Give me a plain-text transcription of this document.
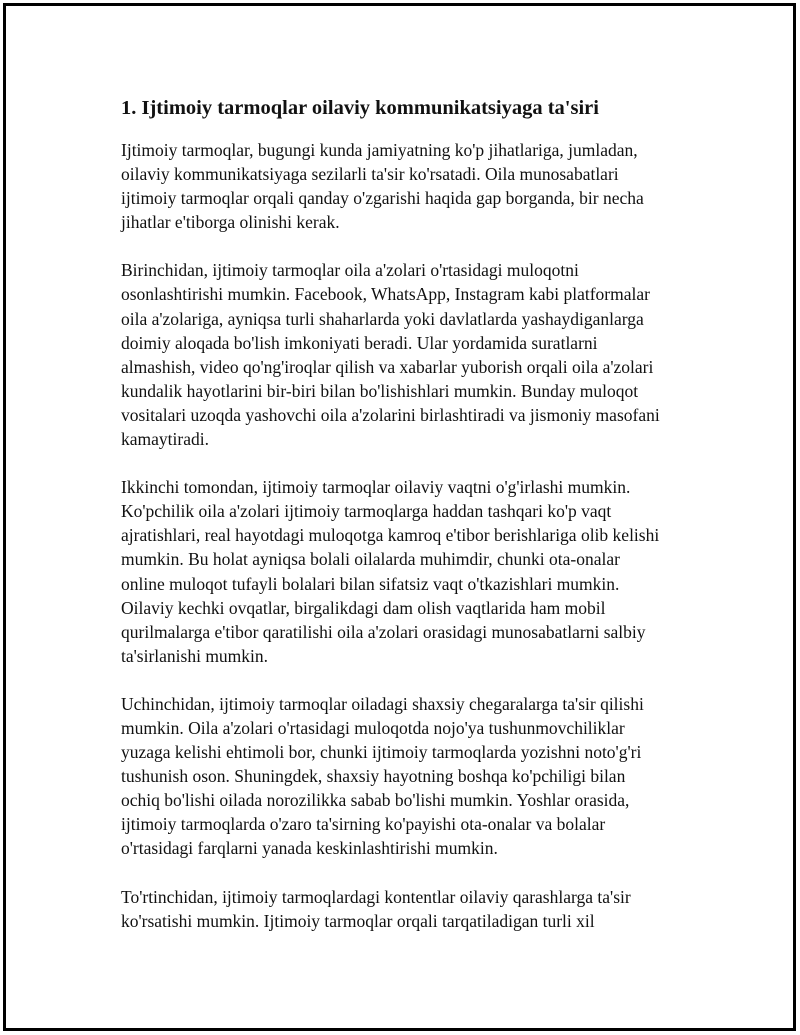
1. Ijtimoiy tarmoqlar oilaviy kommunikatsiyaga ta'siri
Ijtimoiy tarmoqlar, bugungi kunda jamiyatning ko'p jihatlariga, jumladan,
oilaviy kommunikatsiyaga sezilarli ta'sir ko'rsatadi. Oila munosabatlari
ijtimoiy tarmoqlar orqali qanday o'zgarishi haqida gap borganda, bir necha
jihatlar e'tiborga olinishi kerak.
Birinchidan, ijtimoiy tarmoqlar oila a'zolari o'rtasidagi muloqotni
osonlashtirishi mumkin. Facebook, WhatsApp, Instagram kabi platformalar
oila a'zolariga, ayniqsa turli shaharlarda yoki davlatlarda yashaydiganlarga
doimiy aloqada bo'lish imkoniyati beradi. Ular yordamida suratlarni
almashish, video qo'ng'iroqlar qilish va xabarlar yuborish orqali oila a'zolari
kundalik hayotlarini bir-biri bilan bo'lishishlari mumkin. Bunday muloqot
vositalari uzoqda yashovchi oila a'zolarini birlashtiradi va jismoniy masofani
kamaytiradi.
Ikkinchi tomondan, ijtimoiy tarmoqlar oilaviy vaqtni o'g'irlashi mumkin.
Ko'pchilik oila a'zolari ijtimoiy tarmoqlarga haddan tashqari ko'p vaqt
ajratishlari, real hayotdagi muloqotga kamroq e'tibor berishlariga olib kelishi
mumkin. Bu holat ayniqsa bolali oilalarda muhimdir, chunki ota-onalar
online muloqot tufayli bolalari bilan sifatsiz vaqt o'tkazishlari mumkin.
Oilaviy kechki ovqatlar, birgalikdagi dam olish vaqtlarida ham mobil
qurilmalarga e'tibor qaratilishi oila a'zolari orasidagi munosabatlarni salbiy
ta'sirlanishi mumkin.
Uchinchidan, ijtimoiy tarmoqlar oiladagi shaxsiy chegaralarga ta'sir qilishi
mumkin. Oila a'zolari o'rtasidagi muloqotda nojo'ya tushunmovchiliklar
yuzaga kelishi ehtimoli bor, chunki ijtimoiy tarmoqlarda yozishni noto'g'ri
tushunish oson. Shuningdek, shaxsiy hayotning boshqa ko'pchiligi bilan
ochiq bo'lishi oilada norozilikka sabab bo'lishi mumkin. Yoshlar orasida,
ijtimoiy tarmoqlarda o'zaro ta'sirning ko'payishi ota-onalar va bolalar
o'rtasidagi farqlarni yanada keskinlashtirishi mumkin.
To'rtinchidan, ijtimoiy tarmoqlardagi kontentlar oilaviy qarashlarga ta'sir
ko'rsatishi mumkin. Ijtimoiy tarmoqlar orqali tarqatiladigan turli xil
